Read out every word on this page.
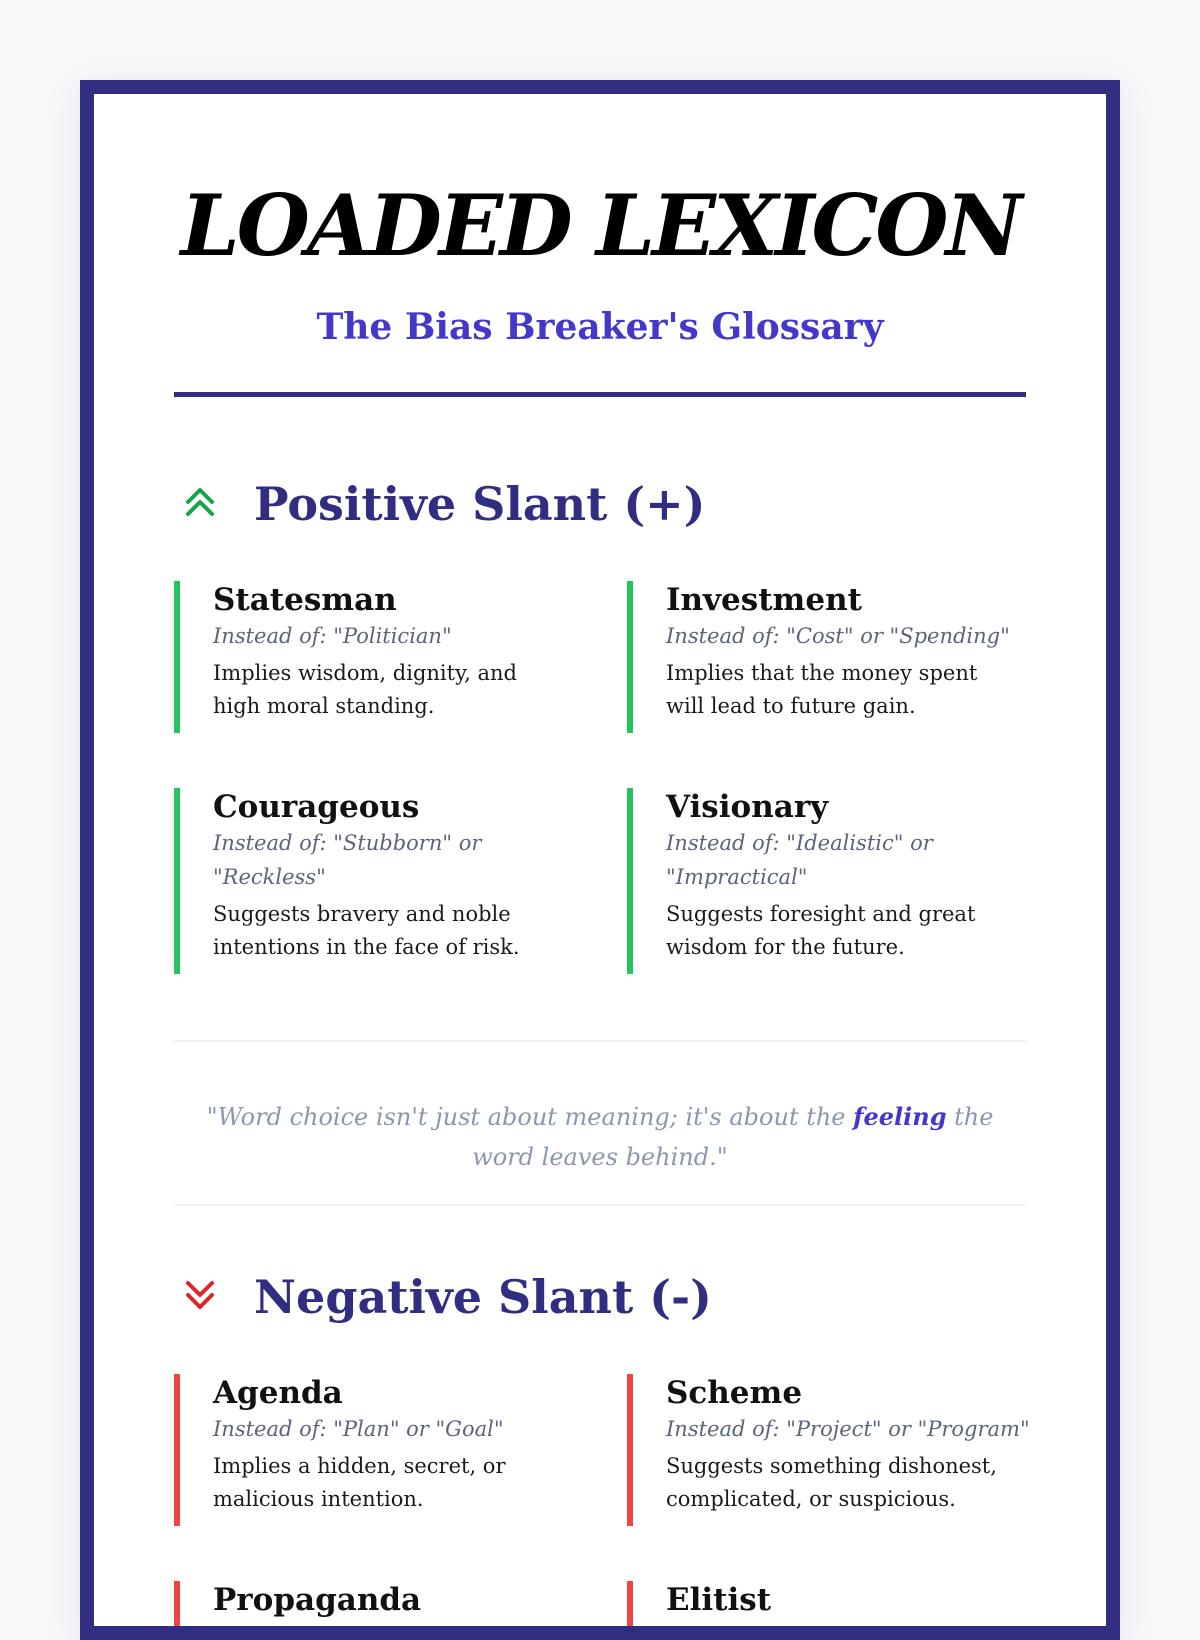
LOADED LEXICON
The Bias Breaker's Glossary
Positive Slant (+)

Statesman

Instead of: "Politician"

Implies wisdom, dignity, and high moral standing.

Investment

Instead of: "Cost" or "Spending"

Implies that the money spent will lead to future gain.

Courageous

Instead of: "Stubborn" or "Reckless"

Suggests bravery and noble intentions in the face of risk.

Visionary

Instead of: "Idealistic" or "Impractical"

Suggests foresight and great wisdom for the future.

"Word choice isn't just about meaning; it's about the feeling the word leaves behind."

Negative Slant (-)

Agenda

Instead of: "Plan" or "Goal"

Implies a hidden, secret, or malicious intention.

Scheme

Instead of: "Project" or "Program"

Suggests something dishonest, complicated, or suspicious.

Propaganda	Elitist
